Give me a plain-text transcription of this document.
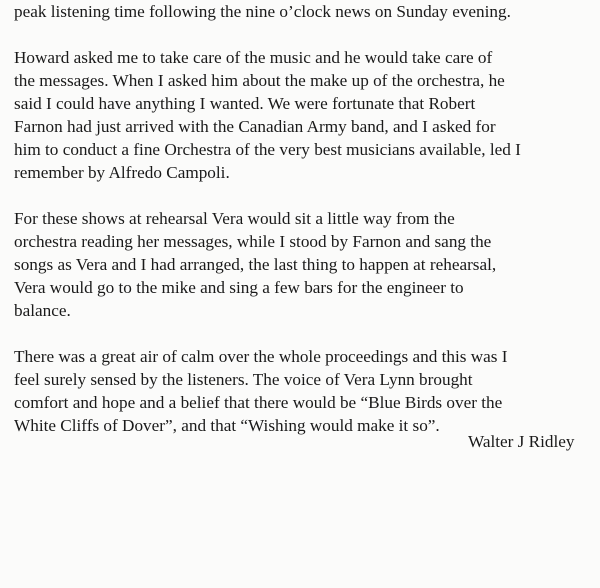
peak listening time following the nine o’clock news on Sunday evening.
Howard asked me to take care of the music and he would take care of
the messages. When I asked him about the make up of the orchestra, he
said I could have anything I wanted. We were fortunate that Robert
Farnon had just arrived with the Canadian Army band, and I asked for
him to conduct a fine Orchestra of the very best musicians available, led I
remember by Alfredo Campoli.
For these shows at rehearsal Vera would sit a little way from the
orchestra reading her messages, while I stood by Farnon and sang the
songs as Vera and I had arranged, the last thing to happen at rehearsal,
Vera would go to the mike and sing a few bars for the engineer to
balance.
There was a great air of calm over the whole proceedings and this was I
feel surely sensed by the listeners. The voice of Vera Lynn brought
comfort and hope and a belief that there would be “Blue Birds over the
White Cliffs of Dover”, and that “Wishing would make it so”.
Walter J Ridley
